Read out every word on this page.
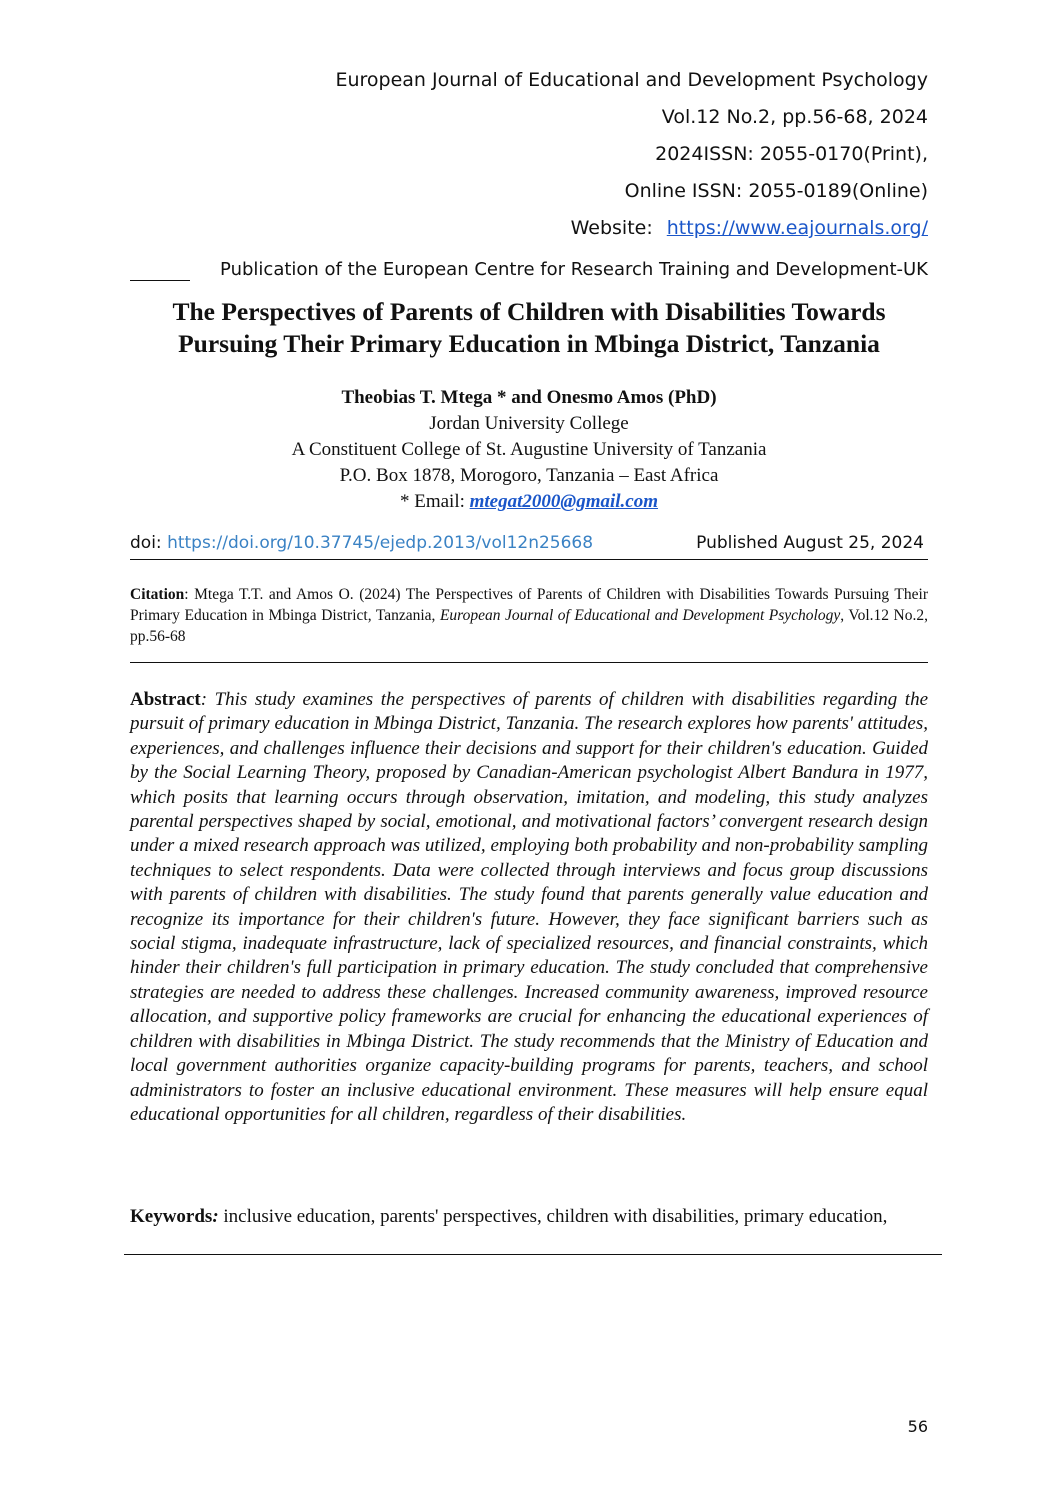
European Journal of Educational and Development Psychology
Vol.12 No.2, pp.56-68, 2024
2024ISSN: 2055-0170(Print),
Online ISSN: 2055-0189(Online)
Website: https://www.eajournals.org/
Publication of the European Centre for Research Training and Development-UK
The Perspectives of Parents of Children with Disabilities Towards
Pursuing Their Primary Education in Mbinga District, Tanzania
Theobias T. Mtega * and Onesmo Amos (PhD)
Jordan University College
A Constituent College of St. Augustine University of Tanzania
P.O. Box 1878, Morogoro, Tanzania – East Africa
* Email: mtegat2000@gmail.com
doi: https://doi.org/10.37745/ejedp.2013/vol12n25668	Published August 25, 2024
Citation: Mtega T.T. and Amos O. (2024) The Perspectives of Parents of Children with Disabilities Towards Pursuing Their Primary Education in Mbinga District, Tanzania, European Journal of Educational and Development Psychology, Vol.12 No.2, pp.56-68
Abstract: This study examines the perspectives of parents of children with disabilities regarding the pursuit of primary education in Mbinga District, Tanzania. The research explores how parents' attitudes, experiences, and challenges influence their decisions and support for their children's education. Guided by the Social Learning Theory, proposed by Canadian-American psychologist Albert Bandura in 1977, which posits that learning occurs through observation, imitation, and modeling, this study analyzes parental perspectives shaped by social, emotional, and motivational factors’ convergent research design under a mixed research approach was utilized, employing both probability and non-probability sampling techniques to select respondents. Data were collected through interviews and focus group discussions with parents of children with disabilities. The study found that parents generally value education and recognize its importance for their children's future. However, they face significant barriers such as social stigma, inadequate infrastructure, lack of specialized resources, and financial constraints, which hinder their children's full participation in primary education. The study concluded that comprehensive strategies are needed to address these challenges. Increased community awareness, improved resource allocation, and supportive policy frameworks are crucial for enhancing the educational experiences of children with disabilities in Mbinga District. The study recommends that the Ministry of Education and local government authorities organize capacity-building programs for parents, teachers, and school administrators to foster an inclusive educational environment. These measures will help ensure equal educational opportunities for all children, regardless of their disabilities.
Keywords: inclusive education, parents' perspectives, children with disabilities, primary education,
56
